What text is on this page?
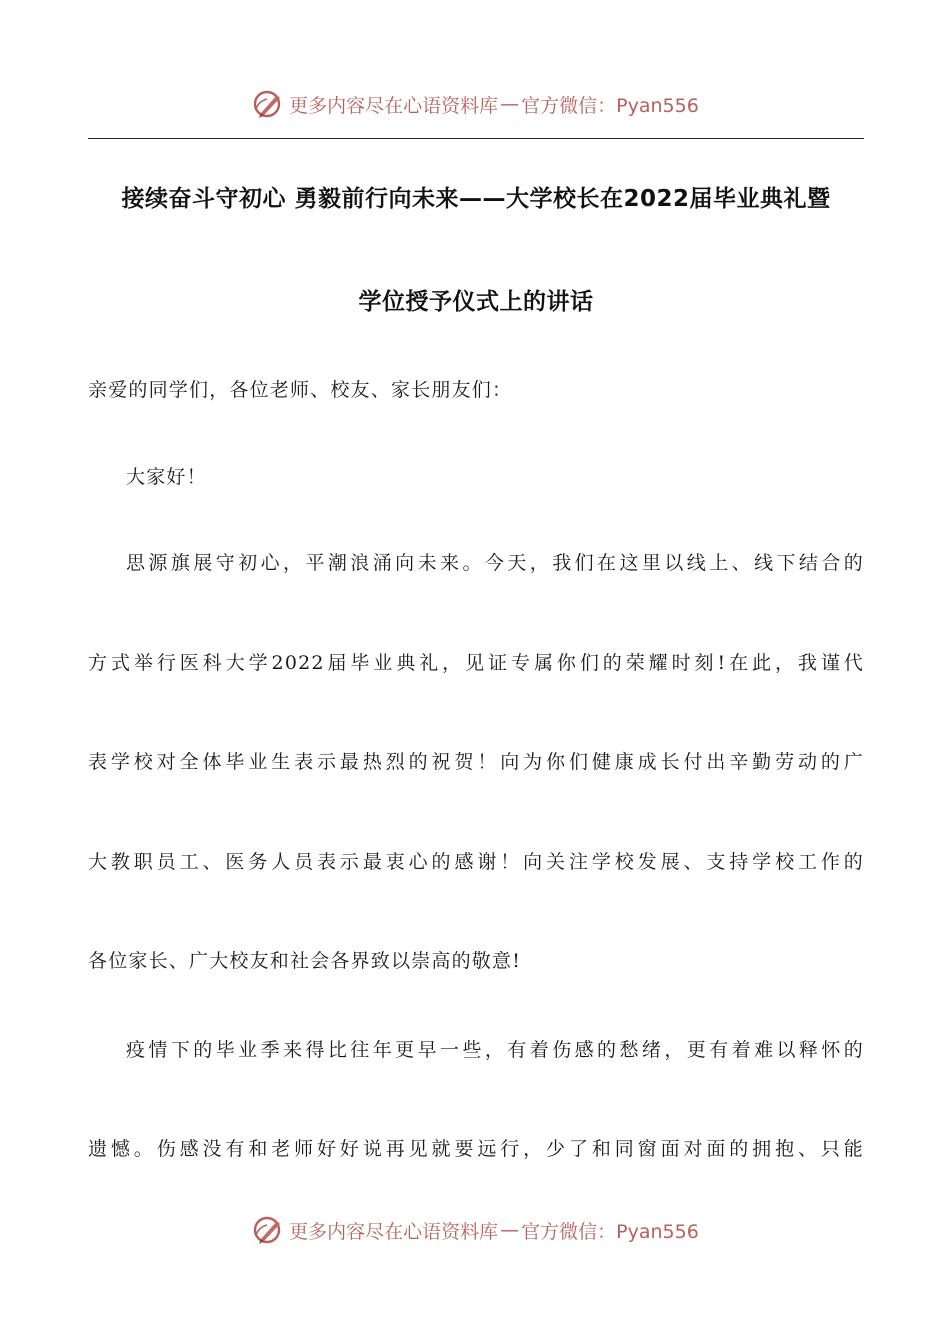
更多内容尽在心语资料库 — 官方微信：Pyan556
接续奋斗守初心 勇毅前行向未来——大学校长在2022届毕业典礼暨
学位授予仪式上的讲话
亲爱的同学们，各位老师、校友、家长朋友们：
大家好！
思源旗展守初心，平潮浪涌向未来。今天，我们在这里以线上、线下结合的
方式举行医科大学2022届毕业典礼，见证专属你们的荣耀时刻!在此，我谨代
表学校对全体毕业生表示最热烈的祝贺！向为你们健康成长付出辛勤劳动的广
大教职员工、医务人员表示最衷心的感谢！向关注学校发展、支持学校工作的
各位家长、广大校友和社会各界致以崇高的敬意!
疫情下的毕业季来得比往年更早一些，有着伤感的愁绪，更有着难以释怀的
遗憾。伤感没有和老师好好说再见就要远行，少了和同窗面对面的拥抱、只能
更多内容尽在心语资料库 — 官方微信：Pyan556
